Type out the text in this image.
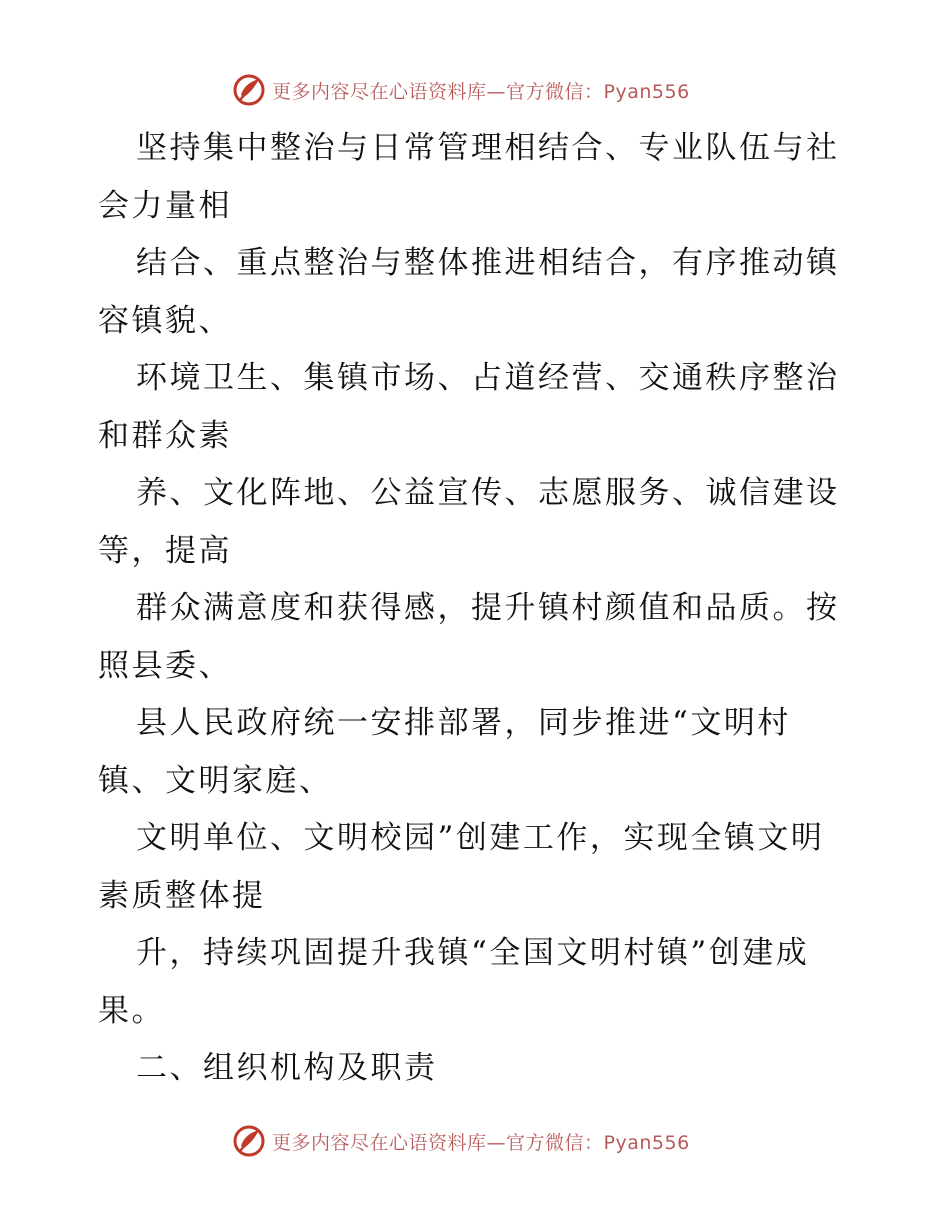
更多内容尽在心语资料库—官方微信：Pyan556

坚持集中整治与日常管理相结合、专业队伍与社
会力量相

结合、重点整治与整体推进相结合，有序推动镇
容镇貌、

环境卫生、集镇市场、占道经营、交通秩序整治
和群众素

养、文化阵地、公益宣传、志愿服务、诚信建设
等，提高

群众满意度和获得感，提升镇村颜值和品质。按
照县委、

县人民政府统一安排部署，同步推进“文明村
镇、文明家庭、

文明单位、文明校园”创建工作，实现全镇文明
素质整体提

升，持续巩固提升我镇“全国文明村镇”创建成
果。

二、组织机构及职责

更多内容尽在心语资料库—官方微信：Pyan556
